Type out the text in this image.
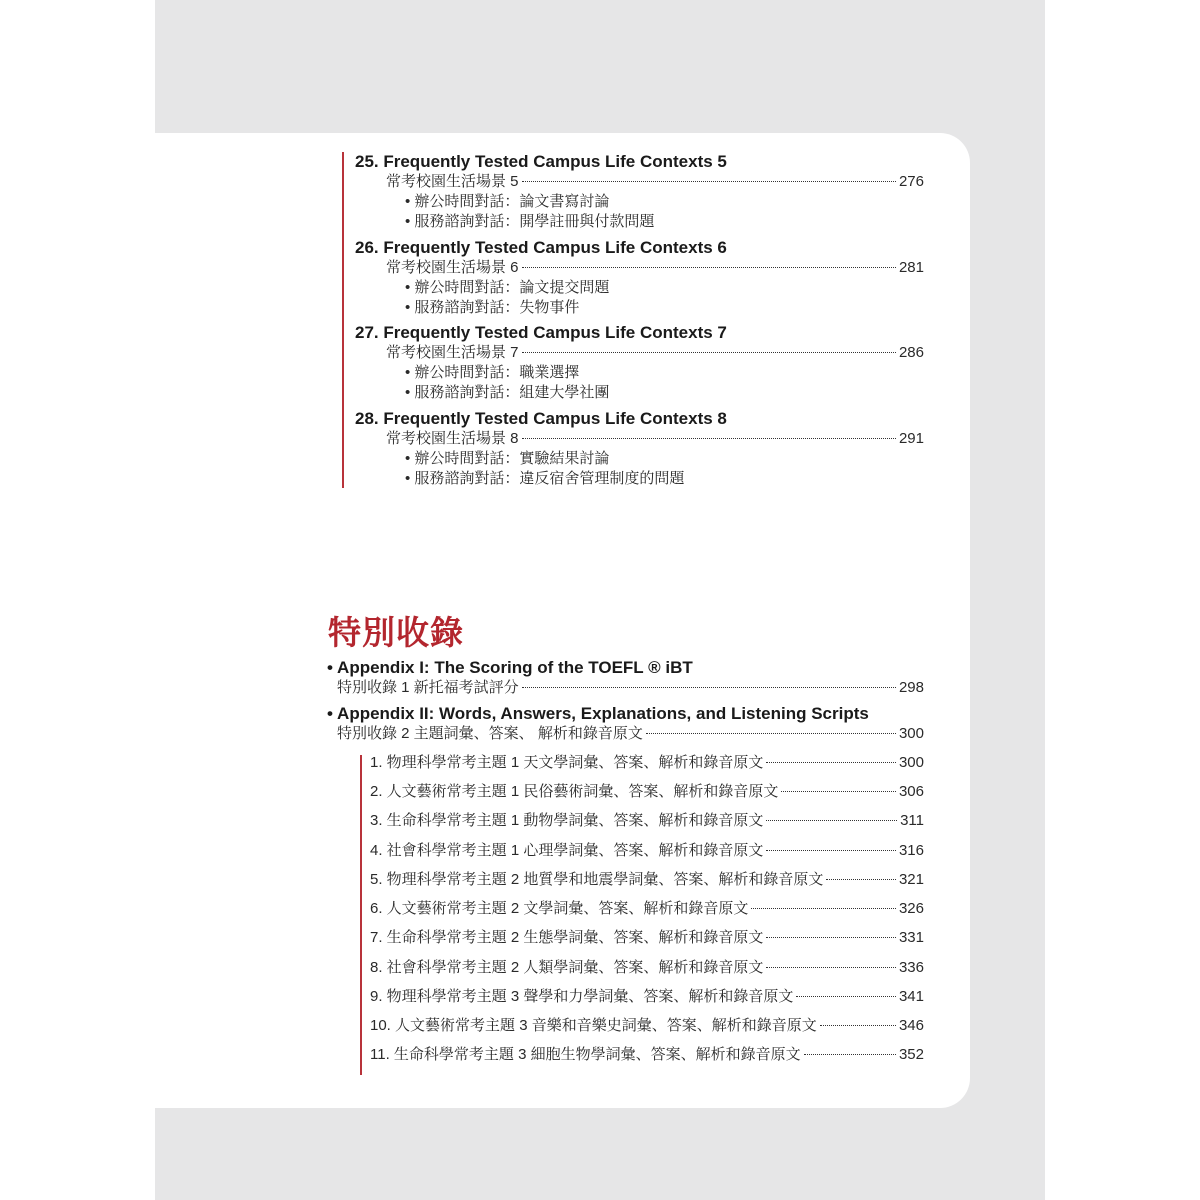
25. Frequently Tested Campus Life Contexts 5
常考校園生活場景 5	276
• 辦公時間對話：論文書寫討論
• 服務諮詢對話：開學註冊與付款問題
26. Frequently Tested Campus Life Contexts 6
常考校園生活場景 6	281
• 辦公時間對話：論文提交問題
• 服務諮詢對話：失物事件
27. Frequently Tested Campus Life Contexts 7
常考校園生活場景 7	286
• 辦公時間對話：職業選擇
• 服務諮詢對話：組建大學社團
28. Frequently Tested Campus Life Contexts 8
常考校園生活場景 8	291
• 辦公時間對話：實驗結果討論
• 服務諮詢對話：違反宿舍管理制度的問題
特別收錄
• Appendix I: The Scoring of the TOEFL ® iBT
特別收錄 1 新托福考試評分	298
• Appendix II: Words, Answers, Explanations, and Listening Scripts
特別收錄 2 主題詞彙、答案、 解析和錄音原文	300
1. 物理科學常考主題 1 天文學詞彙、答案、解析和錄音原文	300
2. 人文藝術常考主題 1 民俗藝術詞彙、答案、解析和錄音原文	306
3. 生命科學常考主題 1 動物學詞彙、答案、解析和錄音原文	311
4. 社會科學常考主題 1 心理學詞彙、答案、解析和錄音原文	316
5. 物理科學常考主題 2 地質學和地震學詞彙、答案、解析和錄音原文	321
6. 人文藝術常考主題 2 文學詞彙、答案、解析和錄音原文	326
7. 生命科學常考主題 2 生態學詞彙、答案、解析和錄音原文	331
8. 社會科學常考主題 2 人類學詞彙、答案、解析和錄音原文	336
9. 物理科學常考主題 3 聲學和力學詞彙、答案、解析和錄音原文	341
10. 人文藝術常考主題 3 音樂和音樂史詞彙、答案、解析和錄音原文	346
11. 生命科學常考主題 3 細胞生物學詞彙、答案、解析和錄音原文	352
